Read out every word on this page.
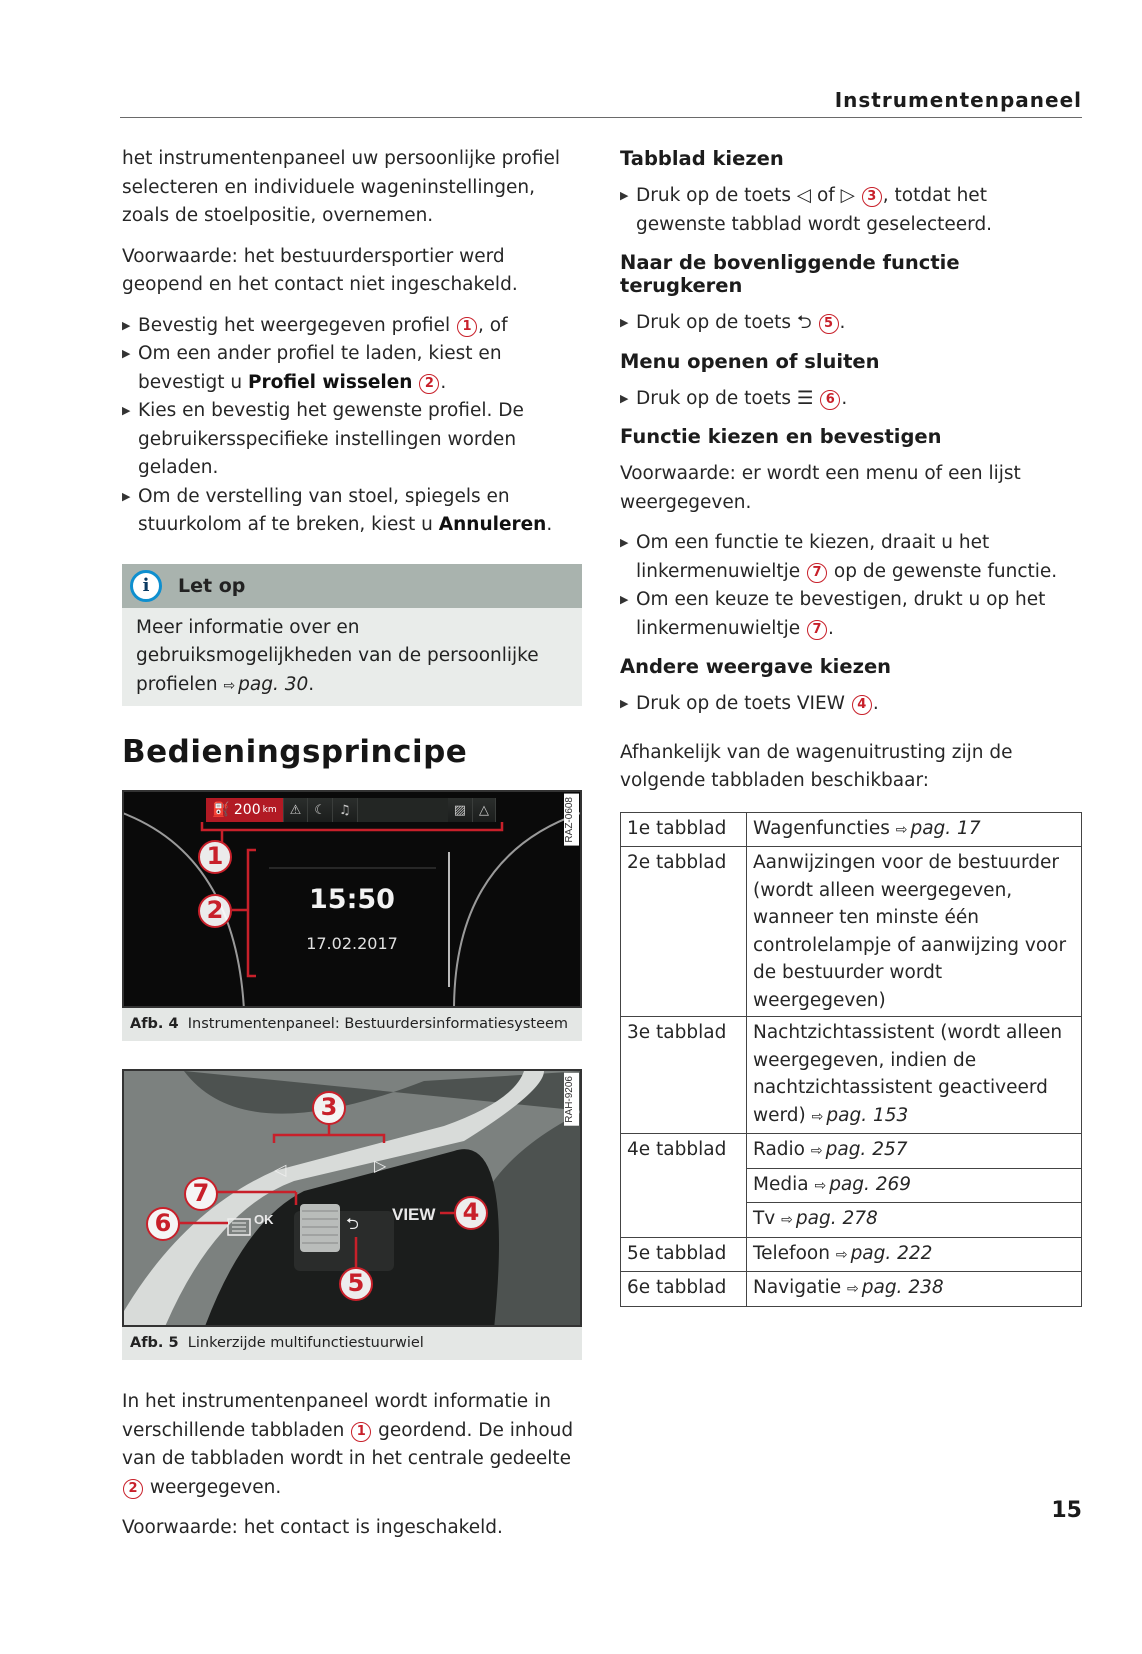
Instrumentenpaneel

het instrumentenpaneel uw persoonlijke profiel selecteren en individuele wageninstellingen, zoals de stoelpositie, overnemen.

Voorwaarde: het bestuurdersportier werd geopend en het contact niet ingeschakeld.

▶ Bevestig het weergegeven profiel 1 , of
▶ Om een ander profiel te laden, kiest en bevestigt u Profiel wisselen 2 .
▶ Kies en bevestig het gewenste profiel. De gebruikersspecifieke instellingen worden geladen.
▶ Om de verstelling van stoel, spiegels en stuurkolom af te breken, kiest u Annuleren.
i	Let op
Meer informatie over en gebruiksmogelijkheden van de persoonlijke profielen ⇨ pag. 30.
Bedieningsprincipe
⛽
200 km	⚠	☾	♫	▨	△
15:50
17.02.2017
1
2
RAZ-0608
Afb. 4 Instrumentenpaneel: Bestuurdersinformatiesysteem
◁	▷
⮌
OK	VIEW
3
4
5
6
7
RAH-9206
Afb. 5 Linkerzijde multifunctiestuurwiel

In het instrumentenpaneel wordt informatie in verschillende tabbladen 1 geordend. De inhoud van de tabbladen wordt in het centrale gedeelte 2 weergegeven.

Voorwaarde: het contact is ingeschakeld.

Tabblad kiezen
▶ Druk op de toets ◁ of ▷ 3 , totdat het gewenste tabblad wordt geselecteerd.
Naar de bovenliggende functie terugkeren
▶ Druk op de toets ⮌ 5 .
Menu openen of sluiten
▶ Druk op de toets ☰ 6 .
Functie kiezen en bevestigen

Voorwaarde: er wordt een menu of een lijst weergegeven.

▶ Om een functie te kiezen, draait u het linkermenuwieltje 7 op de gewenste functie.
▶ Om een keuze te bevestigen, drukt u op het linkermenuwieltje 7 .
Andere weergave kiezen
▶ Druk op de toets VIEW 4 .

Afhankelijk van de wagenuitrusting zijn de volgende tabbladen beschikbaar:

1e tabblad	Wagenfuncties ⇨ pag. 17
2e tabblad	Aanwijzingen voor de bestuurder (wordt alleen weergegeven, wanneer ten minste één controlelampje of aanwijzing voor de bestuurder wordt weergegeven)
3e tabblad	Nachtzichtassistent (wordt alleen weergegeven, indien de nachtzichtassistent geactiveerd werd) ⇨ pag. 153
4e tabblad	Radio ⇨ pag. 257
	Media ⇨ pag. 269
	Tv ⇨ pag. 278
5e tabblad	Telefoon ⇨ pag. 222
6e tabblad	Navigatie ⇨ pag. 238
15
